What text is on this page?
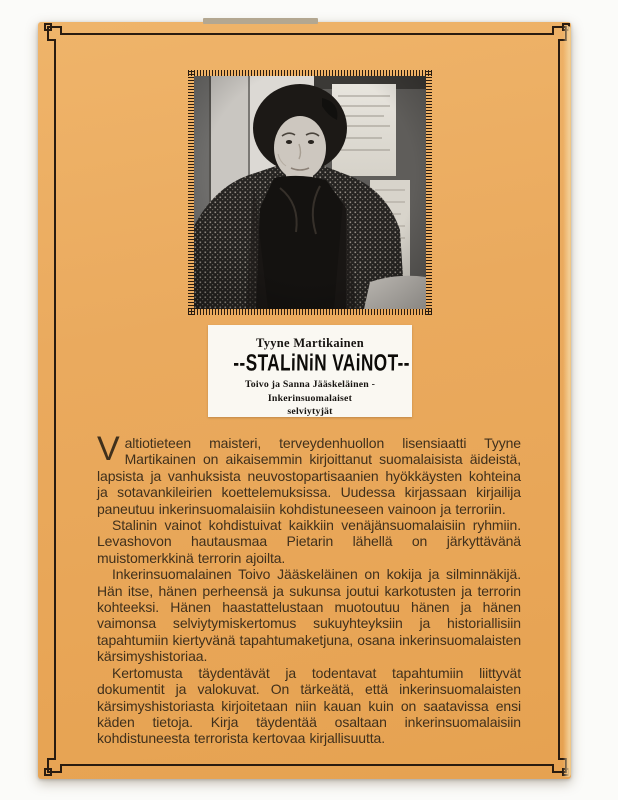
Tyyne Martikainen
--STALiNiN VAiNOT--
Toivo ja Sanna Jääskeläinen -
Inkerinsuomalaiset
selviytyjät

Valtiotieteen maisteri, terveydenhuollon lisensiaatti Tyyne Martikainen on aikaisemmin kirjoittanut suomalaisista äideistä, lapsista ja vanhuksista neuvostopartisaanien hyökkäysten kohteina ja sotavankileirien koettelemuksissa. Uudessa kirjassaan kirjailija paneutuu inkerinsuomalaisiin kohdistuneeseen vainoon ja terroriin.

Stalinin vainot kohdistuivat kaikkiin venäjänsuomalaisiin ryhmiin. Levashovon hautausmaa Pietarin lähellä on järkyttävänä muistomerkkinä terrorin ajoilta.

Inkerinsuomalainen Toivo Jääskeläinen on kokija ja silminnäkijä. Hän itse, hänen perheensä ja sukunsa joutui karkotusten ja terrorin kohteeksi. Hänen haastattelustaan muotoutuu hänen ja hänen vaimonsa selviytymiskertomus sukuyhteyksiin ja historiallisiin tapahtumiin kiertyvänä tapahtumaketjuna, osana inkerinsuomalaisten kärsimyshistoriaa.

Kertomusta täydentävät ja todentavat tapahtumiin liittyvät dokumentit ja valokuvat. On tärkeätä, että inkerinsuomalaisten kärsimyshistoriasta kirjoitetaan niin kauan kuin on saatavissa ensi käden tietoja. Kirja täydentää osaltaan inkerinsuomalaisiin kohdistuneesta terrorista kertovaa kirjallisuutta.
